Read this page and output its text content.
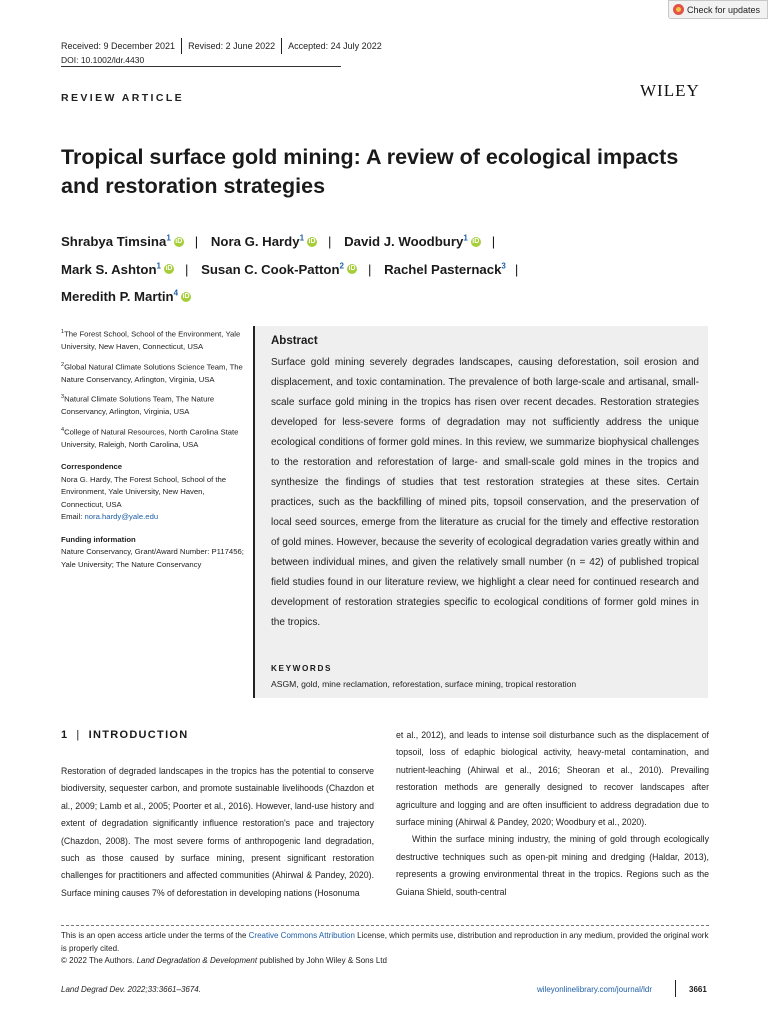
Check for updates
Received: 9 December 2021 Revised: 2 June 2022 Accepted: 24 July 2022
DOI: 10.1002/ldr.4430
REVIEW ARTICLE	WILEY
Tropical surface gold mining: A review of ecological impacts and restoration strategies
Shrabya Timsina$^1$ iD | Nora G. Hardy$^1$ iD | David J. Woodbury$^1$ iD |
Mark S. Ashton$^1$ iD | Susan C. Cook-Patton$^2$ iD | Rachel Pasternack$^3$ |
Meredith P. Martin$^4$ iD

$^1$The Forest School, School of the Environment, Yale University, New Haven, Connecticut, USA

$^2$Global Natural Climate Solutions Science Team, The Nature Conservancy, Arlington, Virginia, USA

$^3$Natural Climate Solutions Team, The Nature Conservancy, Arlington, Virginia, USA

$^4$College of Natural Resources, North Carolina State University, Raleigh, North Carolina, USA

Correspondence

Nora G. Hardy, The Forest School, School of the Environment, Yale University, New Haven, Connecticut, USA
Email: nora.hardy@yale.edu

Funding information

Nature Conservancy, Grant/Award Number: P117456; Yale University; The Nature Conservancy

Abstract
Surface gold mining severely degrades landscapes, causing deforestation, soil erosion and displacement, and toxic contamination. The prevalence of both large-scale and artisanal, small-scale surface gold mining in the tropics has risen over recent decades. Restoration strategies developed for less-severe forms of degradation may not sufficiently address the unique ecological conditions of former gold mines. In this review, we summarize biophysical challenges to the restoration and reforestation of large- and small-scale gold mines in the tropics and synthesize the findings of studies that test restoration strategies at these sites. Certain practices, such as the backfilling of mined pits, topsoil conservation, and the preservation of local seed sources, emerge from the literature as crucial for the timely and effective restoration of gold mines. However, because the severity of ecological degradation varies greatly within and between individual mines, and given the relatively small number (n = 42) of published tropical field studies found in our literature review, we highlight a clear need for continued research and development of restoration strategies specific to ecological conditions of former gold mines in the tropics.
KEYWORDS
ASGM, gold, mine reclamation, reforestation, surface mining, tropical restoration
1 | INTRODUCTION
Restoration of degraded landscapes in the tropics has the potential to conserve biodiversity, sequester carbon, and promote sustainable livelihoods (Chazdon et al., 2009; Lamb et al., 2005; Poorter et al., 2016). However, land-use history and extent of degradation significantly influence restoration's pace and trajectory (Chazdon, 2008). The most severe forms of anthropogenic land degradation, such as those caused by surface mining, present significant restoration challenges for practitioners and affected communities (Ahirwal & Pandey, 2020). Surface mining causes 7% of deforestation in developing nations (Hosonuma

et al., 2012), and leads to intense soil disturbance such as the displacement of topsoil, loss of edaphic biological activity, heavy-metal contamination, and nutrient-leaching (Ahirwal et al., 2016; Sheoran et al., 2010). Prevailing restoration methods are generally designed to recover landscapes after agriculture and logging and are often insufficient to address degradation due to surface mining (Ahirwal & Pandey, 2020; Woodbury et al., 2020).

Within the surface mining industry, the mining of gold through ecologically destructive techniques such as open-pit mining and dredging (Haldar, 2013), represents a growing environmental threat in the tropics. Regions such as the Guiana Shield, south-central

This is an open access article under the terms of the Creative Commons Attribution License, which permits use, distribution and reproduction in any medium, provided the original work is properly cited.
© 2022 The Authors. Land Degradation & Development published by John Wiley & Sons Ltd
Land Degrad Dev. 2022;33:3661–3674.	wileyonlinelibrary.com/journal/ldr	3661
